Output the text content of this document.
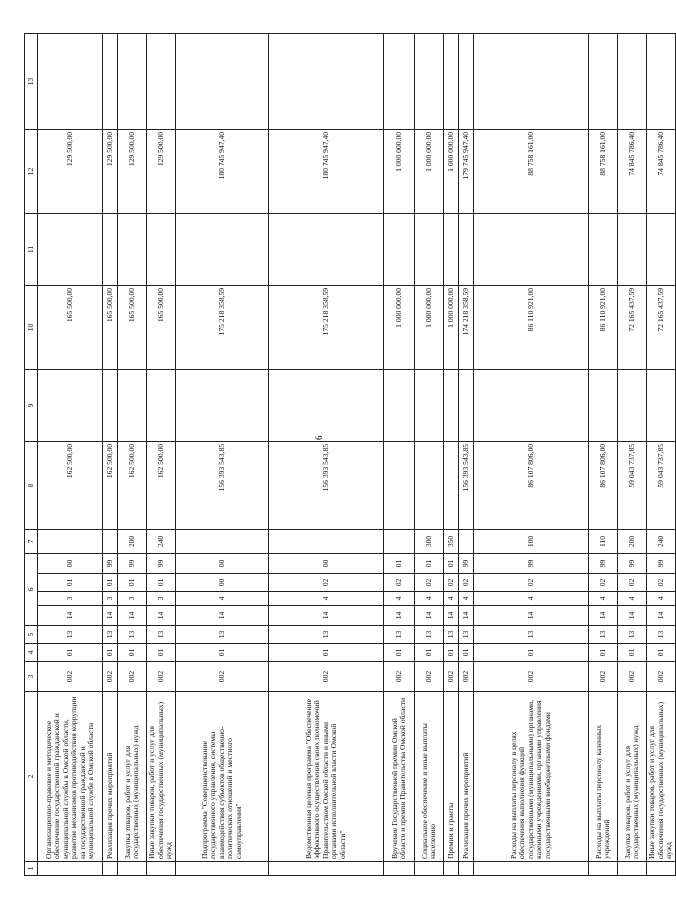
6
1	2	3	4	5	6				7	8	9	10	11	12	13
	Организационно-правовое и методическое обеспечение государственной гражданской и муниципальной службы в Омской области, развитие механизмов противодействия коррупции на государственной гражданской и муниципальной службе в Омской области	002	01	13	14	3	01	00		162 500,00		165 500,00		129 500,00	
	Реализация прочих мероприятий	002	01	13	14	3	01	99		162 500,00		165 500,00		129 500,00	
	Закупка товаров, работ и услуг для государственных (муниципальных) нужд	002	01	13	14	3	01	99	200	162 500,00		165 500,00		129 500,00	
	Иные закупки товаров, работ и услуг для обеспечения государственных (муниципальных) нужд	002	01	13	14	3	01	99	240	162 500,00		165 500,00		129 500,00	
	Подпрограмма "Совершенствование государственного управления, системы взаимодействия субъектов общественно-политических отношений и местного самоуправления"	002	01	13	14	4	00	00		156 393 543,85		175 218 358,59		180 745 947,40	
	Ведомственная целевая программа "Обеспечение эффективного осуществления своих полномочий Правительством Омской области и иными органами исполнительной власти Омской области"	002	01	13	14	4	02	00		156 393 543,85		175 218 358,59		180 745 947,40	
	Вручение Государственной премии Омской области и премии Правительства Омской области	002	01	13	14	4	02	01				1 000 000,00		1 000 000,00	
	Социальное обеспечение и иные выплаты населению	002	01	13	14	4	02	01	300			1 000 000,00		1 000 000,00	
	Премии и гранты	002	01	13	14	4	02	01	350			1 000 000,00		1 000 000,00	
	Реализация прочих мероприятий	002	01	13	14	4	02	99		156 393 543,85		174 218 358,59		179 745 947,40	
	Расходы на выплаты персоналу в целях обеспечения выполнения функций государственными (муниципальными) органами, казенными учреждениями, органами управления государственными внебюджетными фондами	002	01	13	14	4	02	99	100	86 107 806,00		86 110 921,00		88 758 161,00	
	Расходы на выплаты персоналу казенных учреждений	002	01	13	14	4	02	99	110	86 107 806,00		86 110 921,00		88 758 161,00	
	Закупка товаров, работ и услуг для государственных (муниципальных) нужд	002	01	13	14	4	02	99	200	59 043 737,85		72 165 437,59		74 845 786,40	
	Иные закупки товаров, работ и услуг для обеспечения государственных (муниципальных) нужд	002	01	13	14	4	02	99	240	59 043 737,85		72 165 437,59		74 845 786,40	
